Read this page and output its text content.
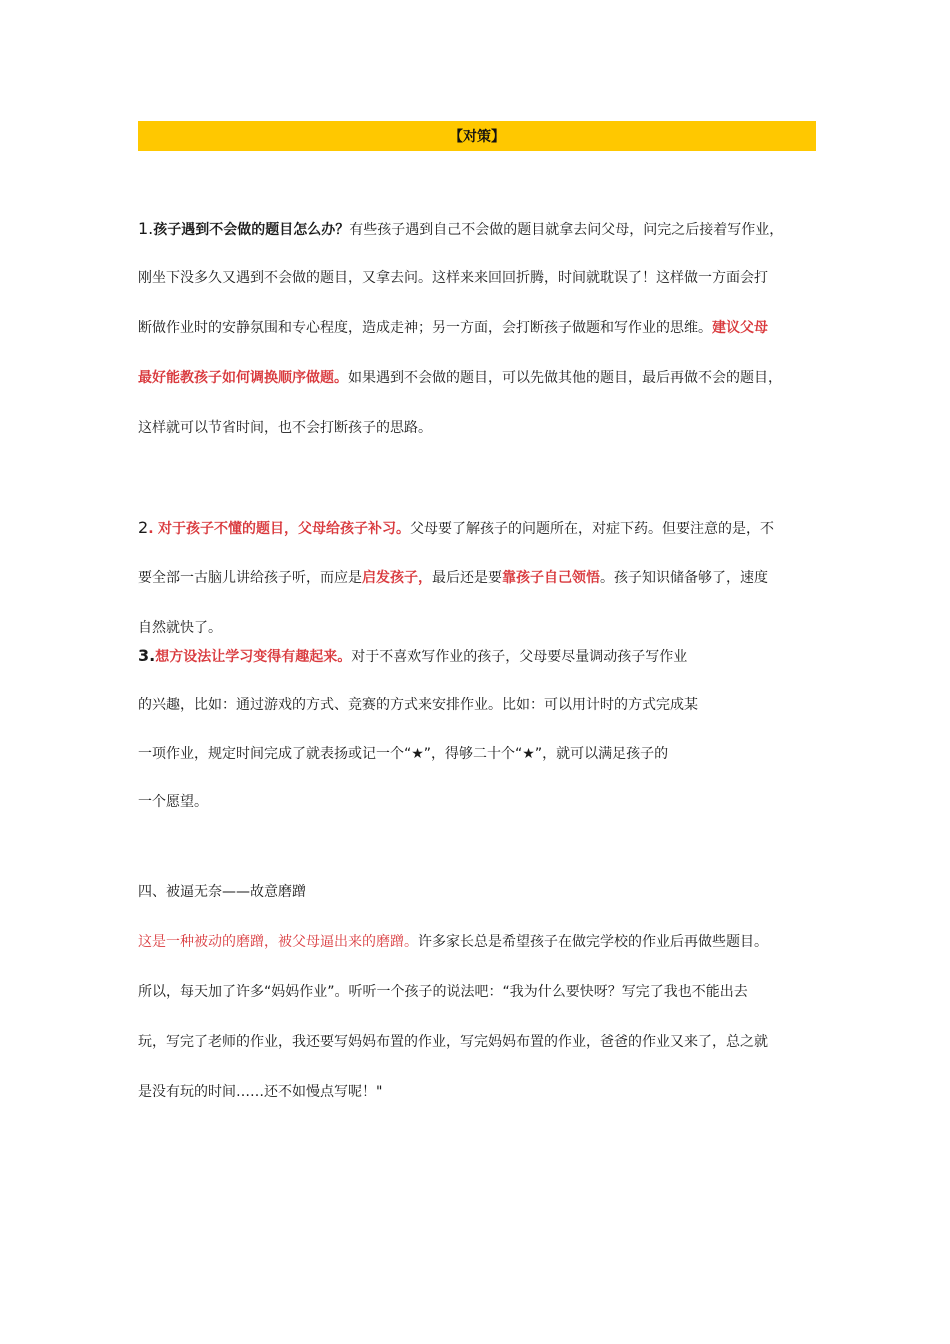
【对策】
1.孩子遇到不会做的题目怎么办？有些孩子遇到自己不会做的题目就拿去问父母，问完之后接着写作业，
刚坐下没多久又遇到不会做的题目，又拿去问。这样来来回回折腾，时间就耽误了！这样做一方面会打
断做作业时的安静氛围和专心程度，造成走神；另一方面，会打断孩子做题和写作业的思维。建议父母
最好能教孩子如何调换顺序做题。如果遇到不会做的题目，可以先做其他的题目，最后再做不会的题目，
这样就可以节省时间，也不会打断孩子的思路。
2. 对于孩子不懂的题目，父母给孩子补习。父母要了解孩子的问题所在，对症下药。但要注意的是，不
要全部一古脑儿讲给孩子听，而应是启发孩子，最后还是要靠孩子自己领悟。孩子知识储备够了，速度
自然就快了。
3.想方设法让学习变得有趣起来。对于不喜欢写作业的孩子，父母要尽量调动孩子写作业
的兴趣，比如：通过游戏的方式、竞赛的方式来安排作业。比如：可以用计时的方式完成某
一项作业，规定时间完成了就表扬或记一个“★”，得够二十个“★”，就可以满足孩子的
一个愿望。
四、被逼无奈——故意磨蹭
这是一种被动的磨蹭，被父母逼出来的磨蹭。许多家长总是希望孩子在做完学校的作业后再做些题目。
所以，每天加了许多“妈妈作业”。听听一个孩子的说法吧：“我为什么要快呀？写完了我也不能出去
玩，写完了老师的作业，我还要写妈妈布置的作业，写完妈妈布置的作业，爸爸的作业又来了，总之就
是没有玩的时间……还不如慢点写呢！"
